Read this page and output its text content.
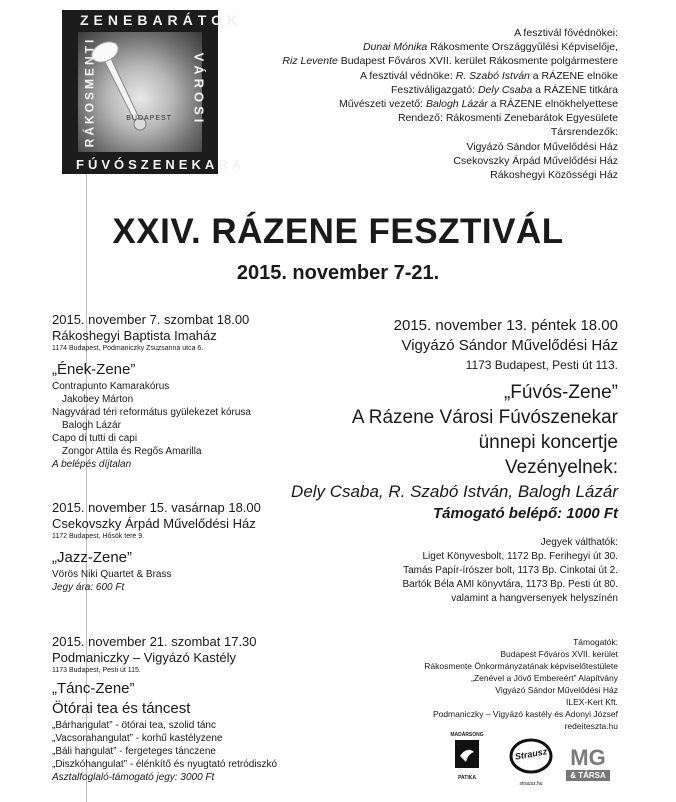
BUDAPEST
ZENEBARÁTOK
RÁKOSMENTI	VÁROSI
FÚVÓSZENEKARA
A fesztivál fővédnökei:
Dunai Mónika Rákosmente Országgyűlési Képviselője,
Riz Levente Budapest Főváros XVII. kerület Rákosmente polgármestere
A fesztivál védnöke: R. Szabó István a RÁZENE elnöke
Fesztiváligazgató: Dely Csaba a RÁZENE titkára
Művészeti vezető: Balogh Lázár a RÁZENE elnökhelyettese
Rendező: Rákosmenti Zenebarátok Egyesülete
Társrendezők:
Vigyázó Sándor Művelődési Ház
Csekovszky Árpád Művelődési Ház
Rákoshegyi Közösségi Ház
XXIV. RÁZENE FESZTIVÁL
2015. november 7-21.
2015. november 7. szombat 18.00
Rákoshegyi Baptista Imaház
1174 Budapest, Podmaniczky Zsuzsanna utca 6.
„Ének-Zene”
Contrapunto Kamarakórus
Jakobey Márton
Nagyvárad téri református gyülekezet kórusa
Balogh Lázár
Capo di tutti di capi
Zongor Attila és Regős Amarilla
A belépés díjtalan
2015. november 15. vasárnap 18.00
Csekovszky Árpád Művelődési Ház
1172 Budapest, Hősök tere 9.
„Jazz-Zene”
Vörös Niki Quartet & Brass
Jegy ára: 600 Ft
2015. november 21. szombat 17.30
Podmaniczky – Vigyázó Kastély
1173 Budapest, Pesti út 115.
„Tánc-Zene”
Ötórai tea és táncest
„Bárhangulat” - ötórai tea, szolid tánc
„Vacsorahangulat” - korhű kastélyzene
„Báli hangulat” - fergeteges tánczene
„Diszkóhangulat” - élénkítő és nyugtató retródiszkó
Asztalfoglaló-támogató jegy: 3000 Ft
2015. november 13. péntek 18.00
Vigyázó Sándor Művelődési Ház
1173 Budapest, Pesti út 113.
„Fúvós-Zene”
A Rázene Városi Fúvószenekar
ünnepi koncertje
Vezényelnek:
Dely Csaba, R. Szabó István, Balogh Lázár
Támogató belépő: 1000 Ft
Jegyek válthatók:
Liget Könyvesbolt, 1172 Bp. Ferihegyi út 30.
Tamás Papír-írószer bolt, 1173 Bp. Cinkotai út 2.
Bartók Béla AMI könyvtára, 1173 Bp. Pesti út 80.
valamint a hangversenyek helyszínén
Támogatók:
Budapest Főváros XVII. kerület
Rákosmente Önkormányzatának képviselőtestülete
„Zenével a Jövő Embereért” Alapítvány
Vigyázó Sándor Művelődési Ház
ILEX-Kert Kft.
Podmaniczky – Vigyázó kastély és Adonyi József
redeiteszta.hu
MADÁRSONG
PATIKA
Strausz
strausz.hu
MG
& TÁRSA
